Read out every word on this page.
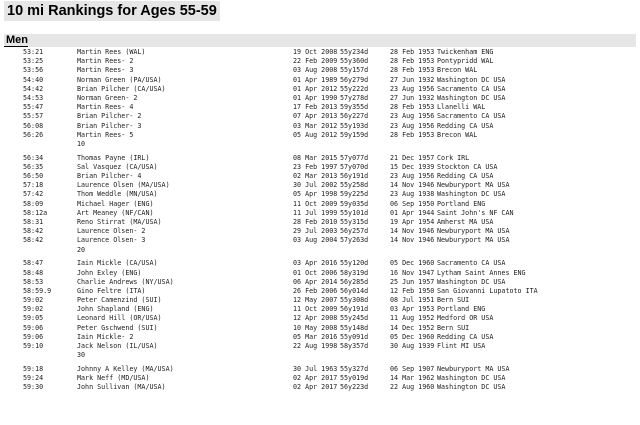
10 mi Rankings for Ages 55-59
Men
53:21	Martin Rees (WAL)	19 Oct 2008 55y234d	28 Feb 1953 Twickenham ENG
53:25	Martin Rees- 2	22 Feb 2009 55y360d	28 Feb 1953 Pontypridd WAL
53:56	Martin Rees- 3	03 Aug 2008 55y157d	28 Feb 1953 Brecon WAL
54:40	Norman Green (PA/USA)	01 Apr 1989 56y279d	27 Jun 1932 Washington DC USA
54:42	Brian Pilcher (CA/USA)	01 Apr 2012 55y222d	23 Aug 1956 Sacramento CA USA
54:53	Norman Green- 2	01 Apr 1990 57y278d	27 Jun 1932 Washington DC USA
55:47	Martin Rees- 4	17 Feb 2013 59y355d	28 Feb 1953 Llanelli WAL
55:57	Brian Pilcher- 2	07 Apr 2013 56y227d	23 Aug 1956 Sacramento CA USA
56:08	Brian Pilcher- 3	03 Mar 2012 55y193d	23 Aug 1956 Redding CA USA
56:26	Martin Rees- 5	05 Aug 2012 59y159d	28 Feb 1953 Brecon WAL
10
56:34	Thomas Payne (IRL)	08 Mar 2015 57y077d	21 Dec 1957 Cork IRL
56:35	Sal Vasquez (CA/USA)	23 Feb 1997 57y070d	15 Dec 1939 Stockton CA USA
56:50	Brian Pilcher- 4	02 Mar 2013 56y191d	23 Aug 1956 Redding CA USA
57:18	Laurence Olsen (MA/USA)	30 Jul 2002 55y258d	14 Nov 1946 Newburyport MA USA
57:42	Thom Weddle (MN/USA)	05 Apr 1998 59y225d	23 Aug 1938 Washington DC USA
58:09	Michael Hager (ENG)	11 Oct 2009 59y035d	06 Sep 1950 Portland ENG
58:12a	Art Meaney (NF/CAN)	11 Jul 1999 55y101d	01 Apr 1944 Saint John's NF CAN
58:31	Reno Stirrat (MA/USA)	28 Feb 2010 55y315d	19 Apr 1954 Amherst MA USA
58:42	Laurence Olsen- 2	29 Jul 2003 56y257d	14 Nov 1946 Newburyport MA USA
58:42	Laurence Olsen- 3	03 Aug 2004 57y263d	14 Nov 1946 Newburyport MA USA
20
58:47	Iain Mickle (CA/USA)	03 Apr 2016 55y120d	05 Dec 1960 Sacramento CA USA
58:48	John Exley (ENG)	01 Oct 2006 58y319d	16 Nov 1947 Lytham Saint Annes ENG
58:53	Charlie Andrews (NY/USA)	06 Apr 2014 56y285d	25 Jun 1957 Washington DC USA
58:59.9	Gino Feltre (ITA)	26 Feb 2006 56y014d	12 Feb 1950 San Giovanni Lupatoto ITA
59:02	Peter Camenzind (SUI)	12 May 2007 55y308d	08 Jul 1951 Bern SUI
59:02	John Shapland (ENG)	11 Oct 2009 56y191d	03 Apr 1953 Portland ENG
59:05	Leonard Hill (OR/USA)	12 Apr 2008 55y245d	11 Aug 1952 Medford OR USA
59:06	Peter Gschwend (SUI)	10 May 2008 55y148d	14 Dec 1952 Bern SUI
59:06	Iain Mickle- 2	05 Mar 2016 55y091d	05 Dec 1960 Redding CA USA
59:10	Jack Nelson (IL/USA)	22 Aug 1998 58y357d	30 Aug 1939 Flint MI USA
30
59:18	Johnny A Kelley (MA/USA)	30 Jul 1963 55y327d	06 Sep 1907 Newburyport MA USA
59:24	Mark Neff (MD/USA)	02 Apr 2017 55y019d	14 Mar 1962 Washington DC USA
59:30	John Sullivan (MA/USA)	02 Apr 2017 56y223d	22 Aug 1960 Washington DC USA
